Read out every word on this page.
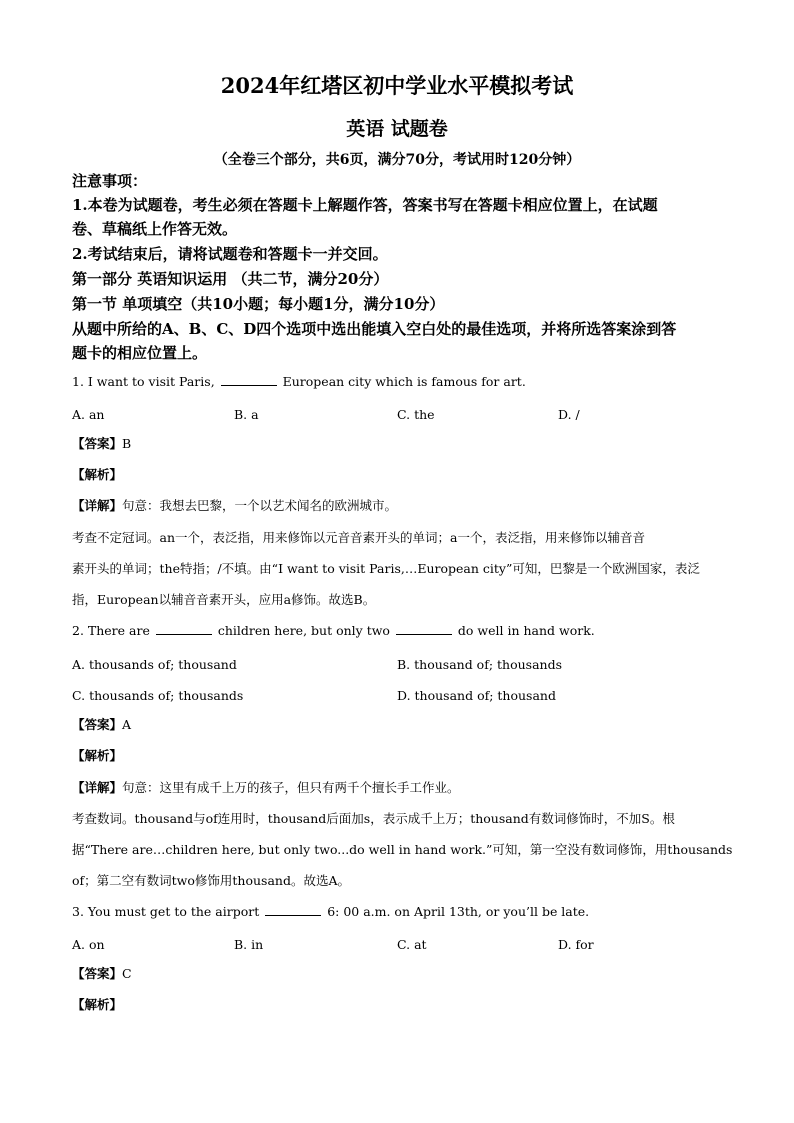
2024年红塔区初中学业水平模拟考试
英语 试题卷
（全卷三个部分，共6页，满分70分，考试用时120分钟）
注意事项：
1.本卷为试题卷，考生必须在答题卡上解题作答，答案书写在答题卡相应位置上，在试题
卷、草稿纸上作答无效。
2.考试结束后，请将试题卷和答题卡一并交回。
第一部分 英语知识运用 （共二节，满分20分）
第一节 单项填空（共10小题；每小题1分，满分10分）
从题中所给的A、B、C、D四个选项中选出能填入空白处的最佳选项，并将所选答案涂到答
题卡的相应位置上。
1. I want to visit Paris,	European city which is famous for art.
A. an	B. a	C. the	D. /
【答案】B
【解析】
【详解】句意：我想去巴黎，一个以艺术闻名的欧洲城市。
考查不定冠词。an一个，表泛指，用来修饰以元音音素开头的单词；a一个，表泛指，用来修饰以辅音音
素开头的单词；the特指；/不填。由“I want to visit Paris,…European city”可知，巴黎是一个欧洲国家，表泛
指，European以辅音音素开头，应用a修饰。故选B。
2. There are	children here, but only two	do well in hand work.
A. thousands of; thousand	B. thousand of; thousands
C. thousands of; thousands	D. thousand of; thousand
【答案】A
【解析】
【详解】句意：这里有成千上万的孩子，但只有两千个擅长手工作业。
考查数词。thousand与of连用时，thousand后面加s，表示成千上万；thousand有数词修饰时，不加S。根
据“There are…children here, but only two...do well in hand work.”可知，第一空没有数词修饰，用thousands
of；第二空有数词two修饰用thousand。故选A。
3. You must get to the airport	6: 00 a.m. on April 13th, or you’ll be late.
A. on	B. in	C. at	D. for
【答案】C
【解析】
